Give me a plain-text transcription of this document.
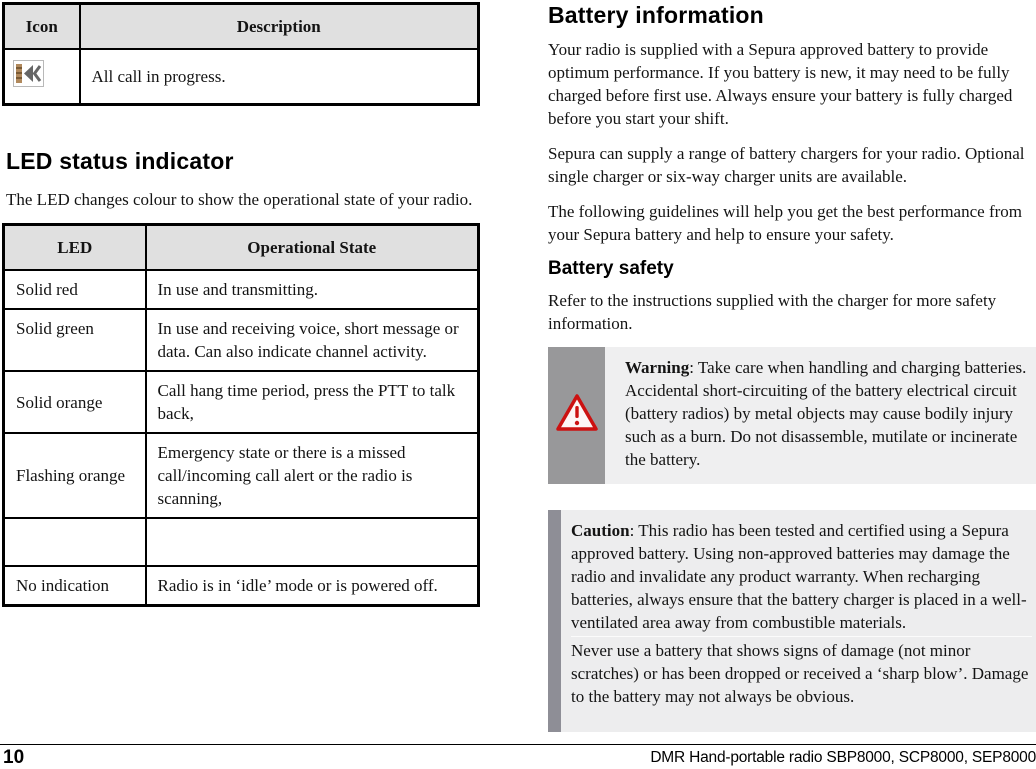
Icon	Description
	All call in progress.
LED status indicator

The LED changes colour to show the operational state of your radio.

LED	Operational State
Solid red	In use and transmitting.
Solid green	In use and receiving voice, short message or data. Can also indicate channel activity.
Solid orange	Call hang time period, press the PTT to talk back,
Flashing orange	Emergency state or there is a missed call/incoming call alert or the radio is scanning,

No indication	Radio is in ‘idle’ mode or is powered off.
Battery information

Your radio is supplied with a Sepura approved battery to provide optimum performance. If you battery is new, it may need to be fully charged before first use. Always ensure your battery is fully charged before you start your shift.

Sepura can supply a range of battery chargers for your radio. Optional single charger or six-way charger units are available.

The following guidelines will help you get the best performance from your Sepura battery and help to ensure your safety.

Battery safety

Refer to the instructions supplied with the charger for more safety information.

Warning: Take care when handling and charging batteries. Accidental short-circuiting of the battery electrical circuit (battery radios) by metal objects may cause bodily injury such as a burn. Do not disassemble, mutilate or incinerate the battery.

Caution: This radio has been tested and certified using a Sepura approved battery. Using non-approved batteries may damage the radio and invalidate any product warranty. When recharging batteries, always ensure that the battery charger is placed in a well-ventilated area away from combustible materials.

Never use a battery that shows signs of damage (not minor scratches) or has been dropped or received a ‘sharp blow’. Damage to the battery may not always be obvious.

10	DMR Hand-portable radio SBP8000, SCP8000, SEP8000
